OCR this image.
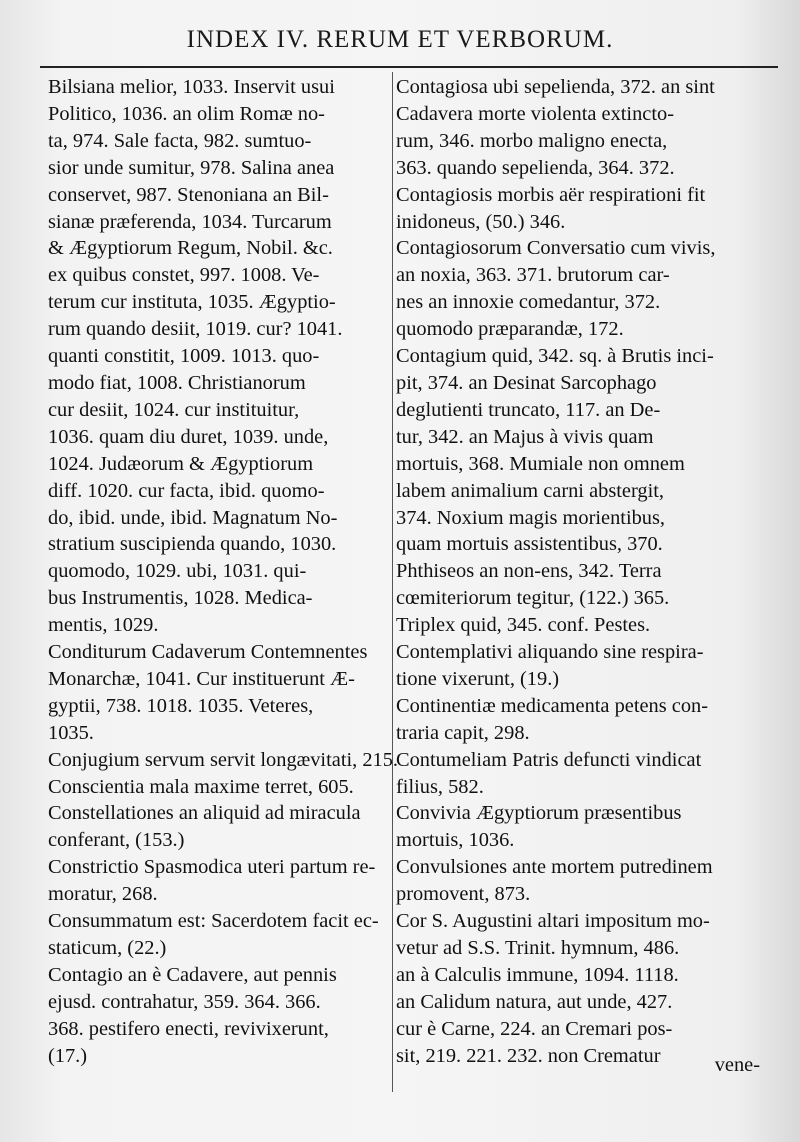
INDEX IV. RERUM ET VERBORUM.

Bilsiana melior, 1033. Inservit usui
Politico, 1036. an olim Romæ no-
ta, 974. Sale facta, 982. sumtuo-
sior unde sumitur, 978. Salina anea
conservet, 987. Stenoniana an Bil-
sianæ præferenda, 1034. Turcarum
& Ægyptiorum Regum, Nobil. &c.
ex quibus constet, 997. 1008. Ve-
terum cur instituta, 1035. Ægyptio-
rum quando desiit, 1019. cur? 1041.
quanti constitit, 1009. 1013. quo-
modo fiat, 1008. Christianorum
cur desiit, 1024. cur instituitur,
1036. quam diu duret, 1039. unde,
1024. Judæorum & Ægyptiorum
diff. 1020. cur facta, ibid. quomo-
do, ibid. unde, ibid. Magnatum No-
stratium suscipienda quando, 1030.
quomodo, 1029. ubi, 1031. qui-
bus Instrumentis, 1028. Medica-
mentis, 1029.

Conditurum Cadaverum Contemnentes
Monarchæ, 1041. Cur instituerunt Æ-
gyptii, 738. 1018. 1035. Veteres,
1035.

Conjugium servum servit longævitati, 215.

Conscientia mala maxime terret, 605.

Constellationes an aliquid ad miracula
conferant, (153.)

Constrictio Spasmodica uteri partum re-
moratur, 268.

Consummatum est: Sacerdotem facit ec-
staticum, (22.)

Contagio an è Cadavere, aut pennis
ejusd. contrahatur, 359. 364. 366.
368. pestifero enecti, revivixerunt,
(17.)

Contagiosa ubi sepelienda, 372. an sint
Cadavera morte violenta extincto-
rum, 346. morbo maligno enecta,
363. quando sepelienda, 364. 372.

Contagiosis morbis aër respirationi fit
inidoneus, (50.) 346.

Contagiosorum Conversatio cum vivis,
an noxia, 363. 371. brutorum car-
nes an innoxie comedantur, 372.
quomodo præparandæ, 172.

Contagium quid, 342. sq. à Brutis inci-
pit, 374. an Desinat Sarcophago
deglutienti truncato, 117. an De-
tur, 342. an Majus à vivis quam
mortuis, 368. Mumiale non omnem
labem animalium carni abstergit,
374. Noxium magis morientibus,
quam mortuis assistentibus, 370.
Phthiseos an non-ens, 342. Terra
cœmiteriorum tegitur, (122.) 365.
Triplex quid, 345. conf. Pestes.

Contemplativi aliquando sine respira-
tione vixerunt, (19.)

Continentiæ medicamenta petens con-
traria capit, 298.

Contumeliam Patris defuncti vindicat
filius, 582.

Convivia Ægyptiorum præsentibus
mortuis, 1036.

Convulsiones ante mortem putredinem
promovent, 873.

Cor S. Augustini altari impositum mo-
vetur ad S.S. Trinit. hymnum, 486.
an à Calculis immune, 1094. 1118.
an Calidum natura, aut unde, 427.
cur è Carne, 224. an Cremari pos-
sit, 219. 221. 232. non Crematur	vene-
